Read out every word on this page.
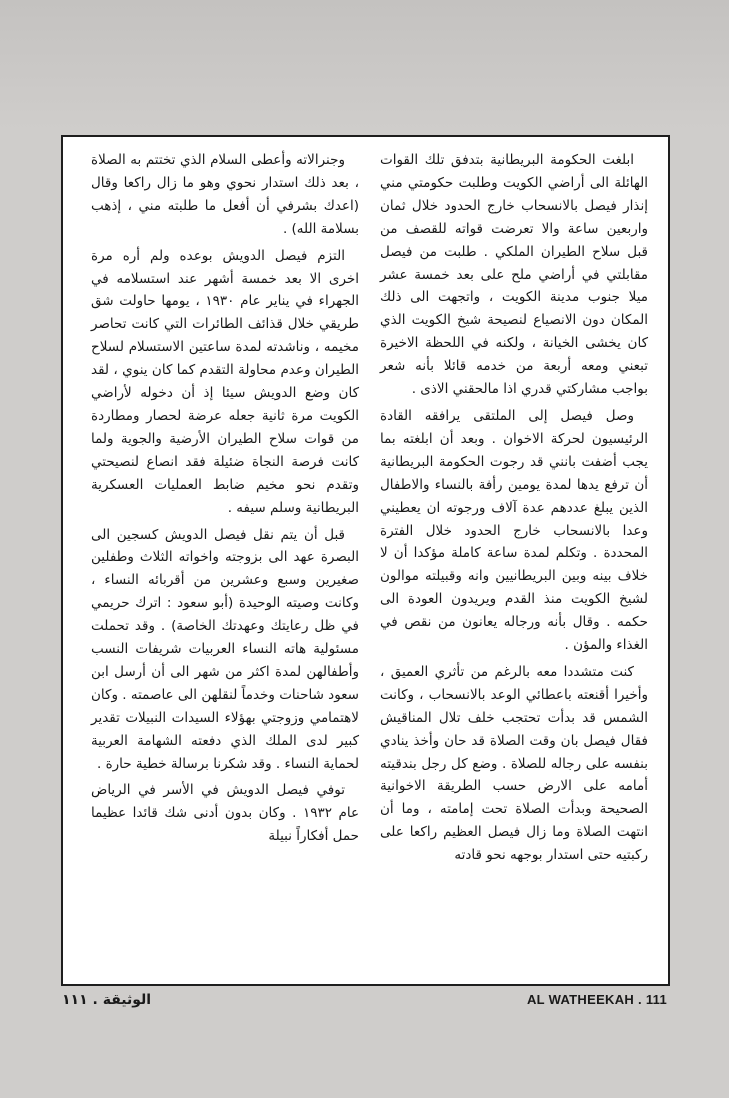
ابلغت الحكومة البريطانية بتدفق تلك القوات الهائلة الى أراضي الكويت وطلبت حكومتي مني إنذار فيصل بالانسحاب خارج الحدود خلال ثمان واربعين ساعة والا تعرضت قواته للقصف من قبل سلاح الطيران الملكي . طلبت من فيصل مقابلتي في أراضي ملح على بعد خمسة عشر ميلا جنوب مدينة الكويت ، واتجهت الى ذلك المكان دون الانصياع لنصيحة شيخ الكويت الذي كان يخشى الخيانة ، ولكنه في اللحظة الاخيرة تبعني ومعه أربعة من خدمه قائلا بأنه شعر بواجب مشاركتي قدري اذا مالحقني الاذى .

وصل فيصل إلى الملتقى يرافقه القادة الرئيسيون لحركة الاخوان . وبعد أن ابلغته بما يجب أضفت بانني قد رجوت الحكومة البريطانية أن ترفع يدها لمدة يومين رأفة بالنساء والاطفال الذين يبلغ عددهم عدة آلاف ورجوته ان يعطيني وعدا بالانسحاب خارج الحدود خلال الفترة المحددة . وتكلم لمدة ساعة كاملة مؤكدا أن لا خلاف بينه وبين البريطانيين وانه وقبيلته موالون لشيخ الكويت منذ القدم ويريدون العودة الى حكمه . وقال بأنه ورجاله يعانون من نقص في الغذاء والمؤن .

كنت متشددا معه بالرغم من تأثري العميق ، وأخيرا أقنعته باعطائي الوعد بالانسحاب ، وكانت الشمس قد بدأت تحتجب خلف تلال المناقيش فقال فيصل بان وقت الصلاة قد حان وأخذ ينادي بنفسه على رجاله للصلاة . وضع كل رجل بندقيته أمامه على الارض حسب الطريقة الاخوانية الصحيحة وبدأت الصلاة تحت إمامته ، وما أن انتهت الصلاة وما زال فيصل العظيم راكعا على ركبتيه حتى استدار بوجهه نحو قادته

وجنرالاته وأعطى السلام الذي تختتم به الصلاة ، بعد ذلك استدار نحوي وهو ما زال راكعا وقال (اعدك بشرفي أن أفعل ما طلبته مني ، إذهب بسلامة الله) .

التزم فيصل الدويش بوعده ولم أره مرة اخرى الا بعد خمسة أشهر عند استسلامه في الجهراء في يناير عام ١٩٣٠ ، يومها حاولت شق طريقي خلال قذائف الطائرات التي كانت تحاصر مخيمه ، وناشدته لمدة ساعتين الاستسلام لسلاح الطيران وعدم محاولة التقدم كما كان ينوي ، لقد كان وضع الدويش سيئا إذ أن دخوله لأراضي الكويت مرة ثانية جعله عرضة لحصار ومطاردة من قوات سلاح الطيران الأرضية والجوية ولما كانت فرصة النجاة ضئيلة فقد انصاع لنصيحتي وتقدم نحو مخيم ضابط العمليات العسكرية البريطانية وسلم سيفه .

قبل أن يتم نقل فيصل الدويش كسجين الى البصرة عهد الى بزوجته واخواته الثلاث وطفلين صغيرين وسبع وعشرين من أقربائه النساء ، وكانت وصيته الوحيدة (أبو سعود : اترك حريمي في ظل رعايتك وعهدتك الخاصة) . وقد تحملت مسئولية هاته النساء العربيات شريفات النسب وأطفالهن لمدة اكثر من شهر الى أن أرسل ابن سعود شاحنات وخدماً لنقلهن الى عاصمته . وكان لاهتمامي وزوجتي بهؤلاء السيدات النبيلات تقدير كبير لدى الملك الذي دفعته الشهامة العربية لحماية النساء . وقد شكرنا برسالة خطية حارة .

توفي فيصل الدويش في الأسر في الرياض عام ١٩٣٢ . وكان بدون أدنى شك قائدا عظيما حمل أفكاراً نبيلة

الوثيقة . ١١١	AL WATHEEKAH . 111
